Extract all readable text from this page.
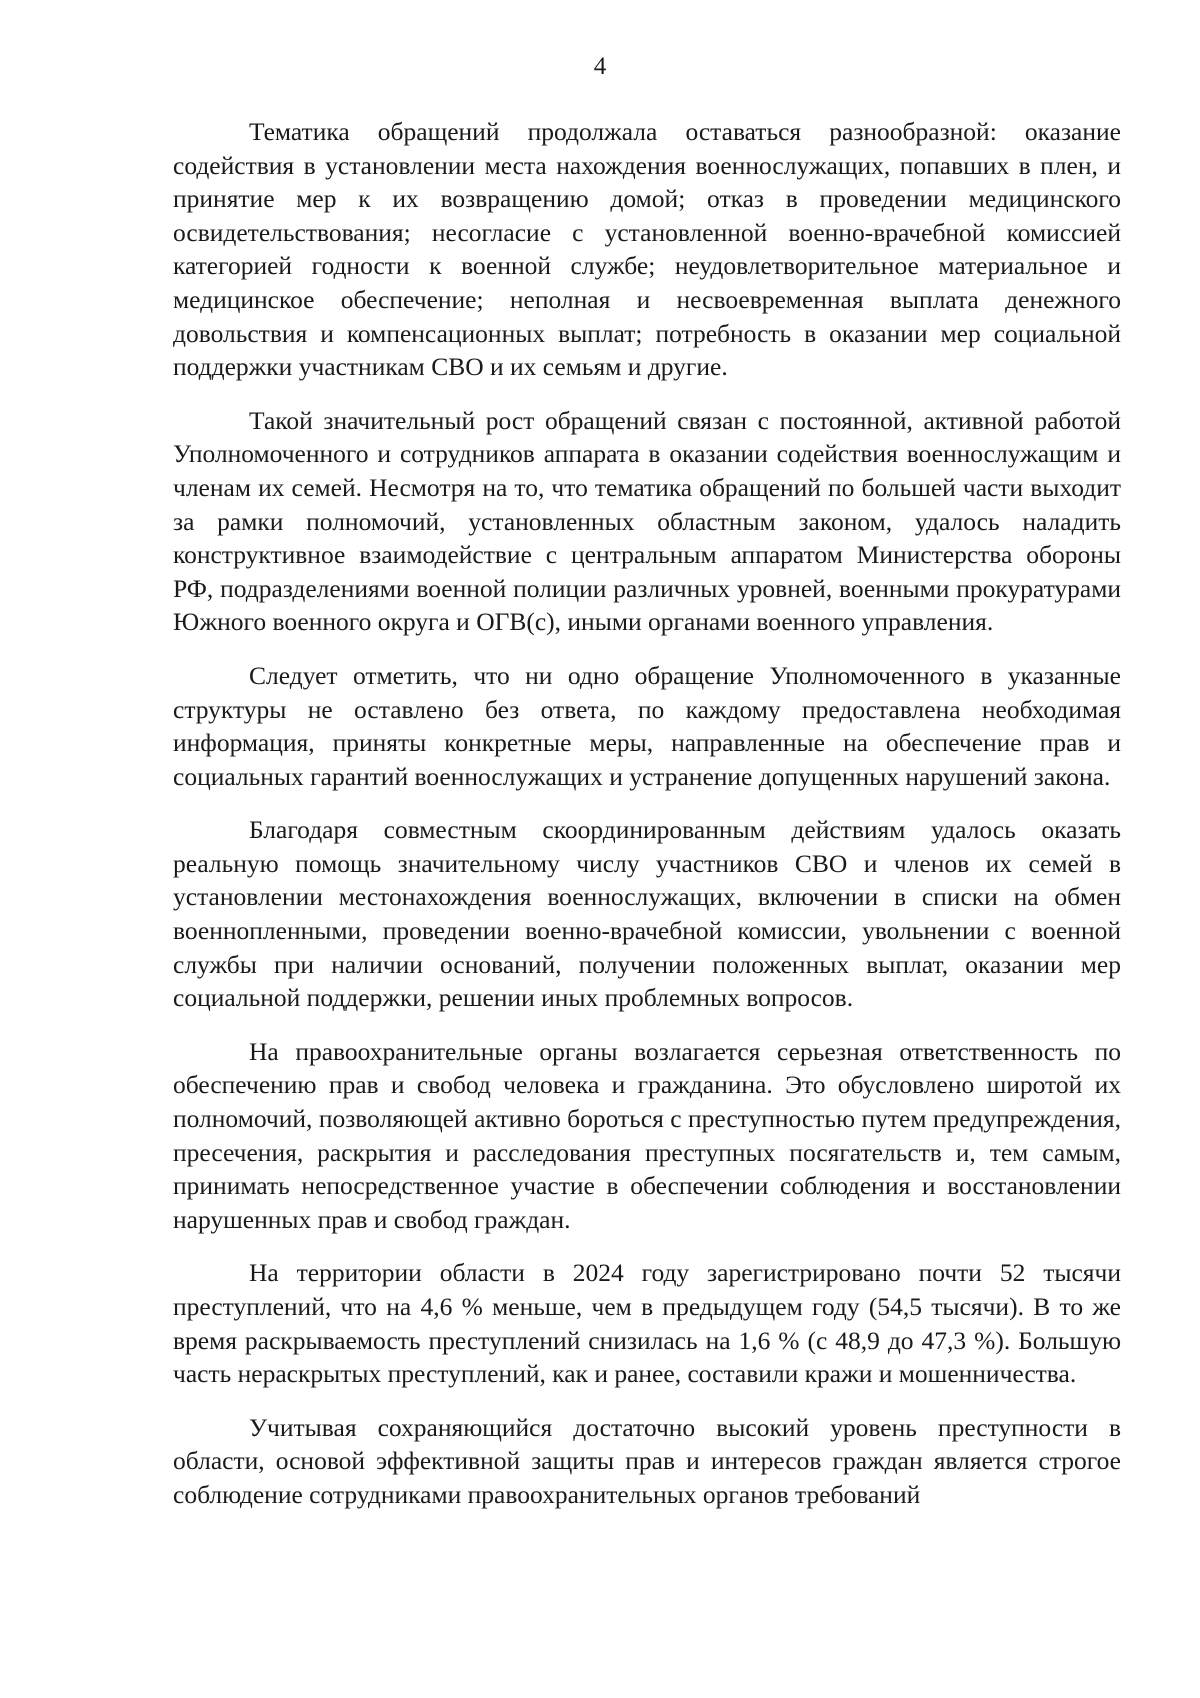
4

Тематика обращений продолжала оставаться разнообразной: оказание содействия в установлении места нахождения военнослужащих, попавших в плен, и принятие мер к их возвращению домой; отказ в проведении медицинского освидетельствования; несогласие с установленной военно-врачебной комиссией категорией годности к военной службе; неудовлетворительное материальное и медицинское обеспечение; неполная и несвоевременная выплата денежного довольствия и компенсационных выплат; потребность в оказании мер социальной поддержки участникам СВО и их семьям и другие.

Такой значительный рост обращений связан с постоянной, активной работой Уполномоченного и сотрудников аппарата в оказании содействия военнослужащим и членам их семей. Несмотря на то, что тематика обращений по большей части выходит за рамки полномочий, установленных областным законом, удалось наладить конструктивное взаимодействие с центральным аппаратом Министерства обороны РФ, подразделениями военной полиции различных уровней, военными прокуратурами Южного военного округа и ОГВ(с), иными органами военного управления.

Следует отметить, что ни одно обращение Уполномоченного в указанные структуры не оставлено без ответа, по каждому предоставлена необходимая информация, приняты конкретные меры, направленные на обеспечение прав и социальных гарантий военнослужащих и устранение допущенных нарушений закона.

Благодаря совместным скоординированным действиям удалось оказать реальную помощь значительному числу участников СВО и членов их семей в установлении местонахождения военнослужащих, включении в списки на обмен военнопленными, проведении военно-врачебной комиссии, увольнении с военной службы при наличии оснований, получении положенных выплат, оказании мер социальной поддержки, решении иных проблемных вопросов.

На правоохранительные органы возлагается серьезная ответственность по обеспечению прав и свобод человека и гражданина. Это обусловлено широтой их полномочий, позволяющей активно бороться с преступностью путем предупреждения, пресечения, раскрытия и расследования преступных посягательств и, тем самым, принимать непосредственное участие в обеспечении соблюдения и восстановлении нарушенных прав и свобод граждан.

На территории области в 2024 году зарегистрировано почти 52 тысячи преступлений, что на 4,6 % меньше, чем в предыдущем году (54,5 тысячи). В то же время раскрываемость преступлений снизилась на 1,6 % (с 48,9 до 47,3 %). Большую часть нераскрытых преступлений, как и ранее, составили кражи и мошенничества.

Учитывая сохраняющийся достаточно высокий уровень преступности в области, основой эффективной защиты прав и интересов граждан является строгое соблюдение сотрудниками правоохранительных органов требований
